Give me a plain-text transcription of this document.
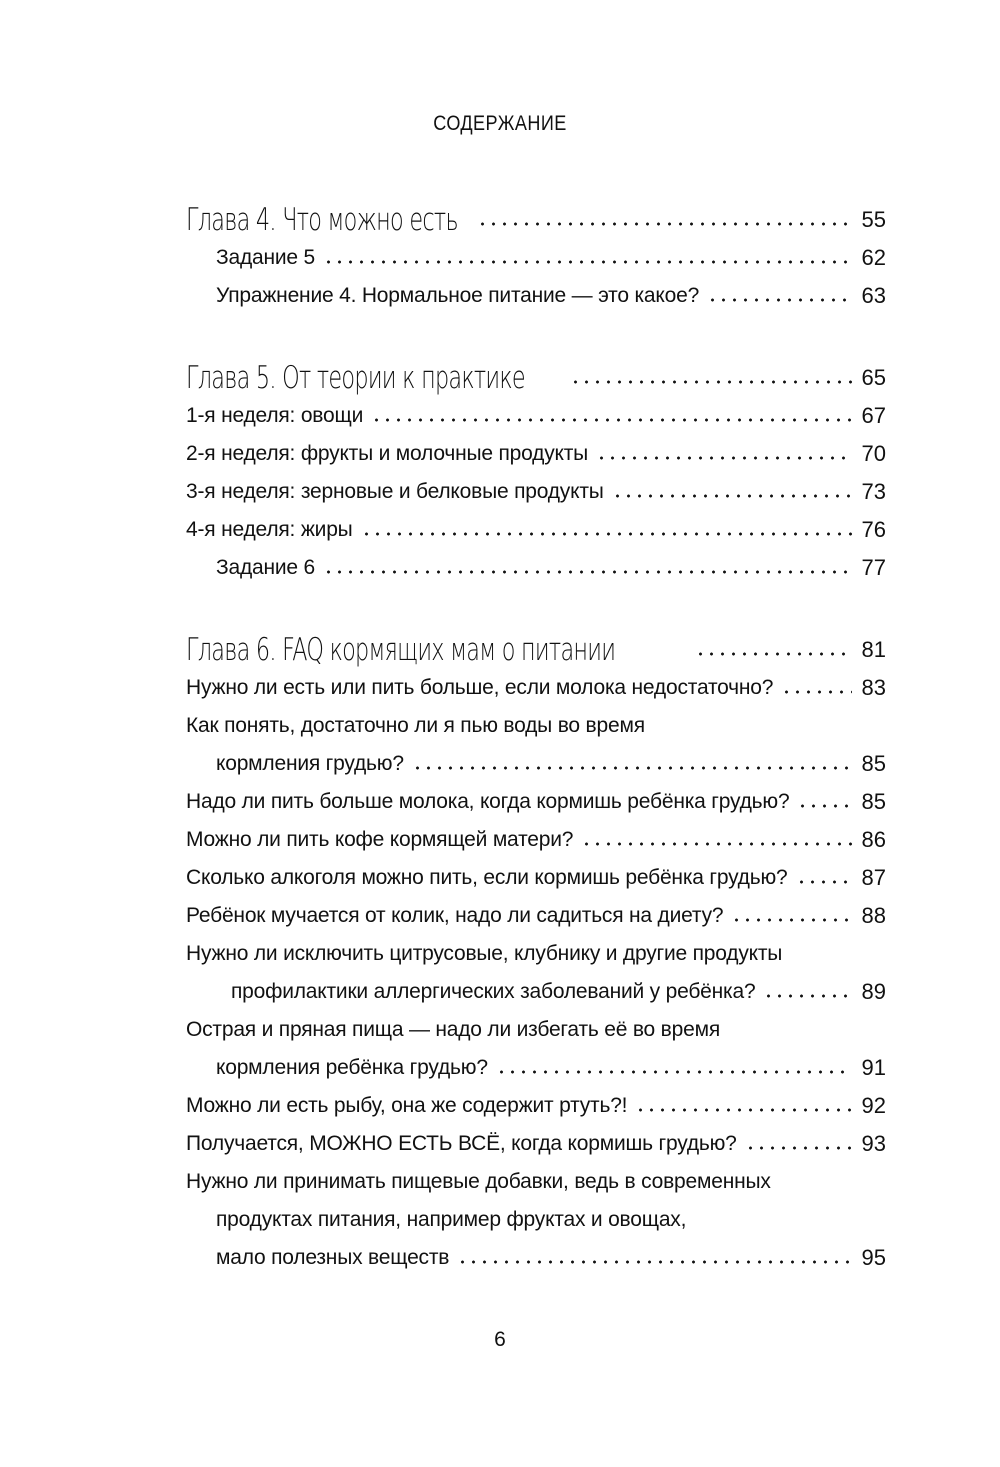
СОДЕРЖАНИЕ
Глава 4. Что можно есть	55
Задание 5	62
Упражнение 4. Нормальное питание — это какое?	63
Глава 5. От теории к практике	65
1-я неделя: овощи	67
2-я неделя: фрукты и молочные продукты	70
3-я неделя: зерновые и белковые продукты	73
4-я неделя: жиры	76
Задание 6	77
Глава 6. FAQ кормящих мам о питании	81
Нужно ли есть или пить больше, если молока недостаточно?	83
Как понять, достаточно ли я пью воды во время
кормления грудью?	85
Надо ли пить больше молока, когда кормишь ребёнка грудью?	85
Можно ли пить кофе кормящей матери?	86
Сколько алкоголя можно пить, если кормишь ребёнка грудью?	87
Ребёнок мучается от колик, надо ли садиться на диету?	88
Нужно ли исключить цитрусовые, клубнику и другие продукты
профилактики аллергических заболеваний у ребёнка?	89
Острая и пряная пища — надо ли избегать её во время
кормления ребёнка грудью?	91
Можно ли есть рыбу, она же содержит ртуть?!	92
Получается, МОЖНО ЕСТЬ ВСЁ, когда кормишь грудью?	93
Нужно ли принимать пищевые добавки, ведь в современных
продуктах питания, например фруктах и овощах,
мало полезных веществ	95
6
